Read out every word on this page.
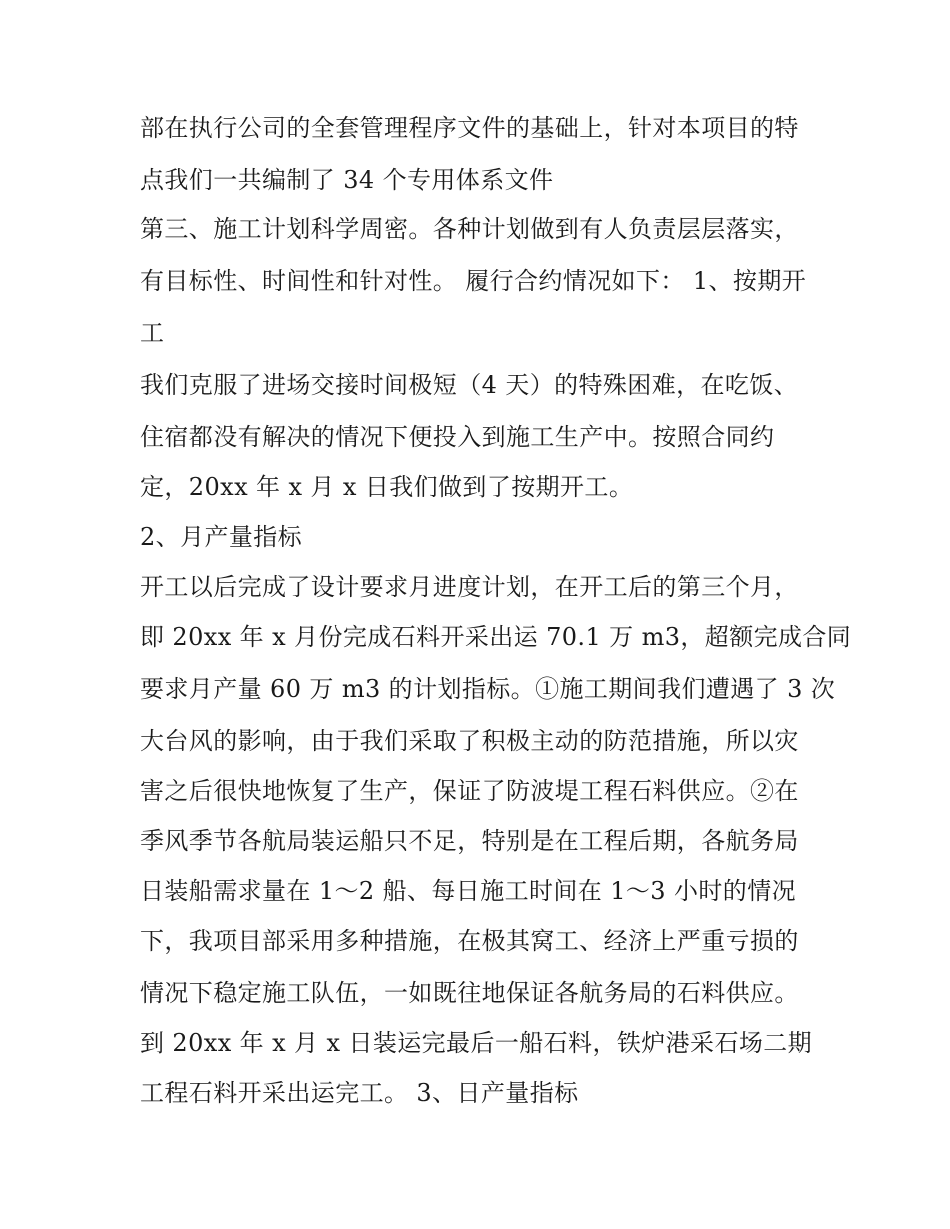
部在执行公司的全套管理程序文件的基础上，针对本项目的特
点我们一共编制了 34 个专用体系文件
第三、施工计划科学周密。各种计划做到有人负责层层落实，
有目标性、时间性和针对性。 履行合约情况如下： 1、按期开
工
我们克服了进场交接时间极短（4 天）的特殊困难，在吃饭、
住宿都没有解决的情况下便投入到施工生产中。按照合同约
定，20xx 年 x 月 x 日我们做到了按期开工。
2、月产量指标
开工以后完成了设计要求月进度计划，在开工后的第三个月，
即 20xx 年 x 月份完成石料开采出运 70.1 万 m3，超额完成合同
要求月产量 60 万 m3 的计划指标。①施工期间我们遭遇了 3 次
大台风的影响，由于我们采取了积极主动的防范措施，所以灾
害之后很快地恢复了生产，保证了防波堤工程石料供应。②在
季风季节各航局装运船只不足，特别是在工程后期，各航务局
日装船需求量在 1～2 船、每日施工时间在 1～3 小时的情况
下，我项目部采用多种措施，在极其窝工、经济上严重亏损的
情况下稳定施工队伍，一如既往地保证各航务局的石料供应。
到 20xx 年 x 月 x 日装运完最后一船石料，铁炉港采石场二期
工程石料开采出运完工。 3、日产量指标
